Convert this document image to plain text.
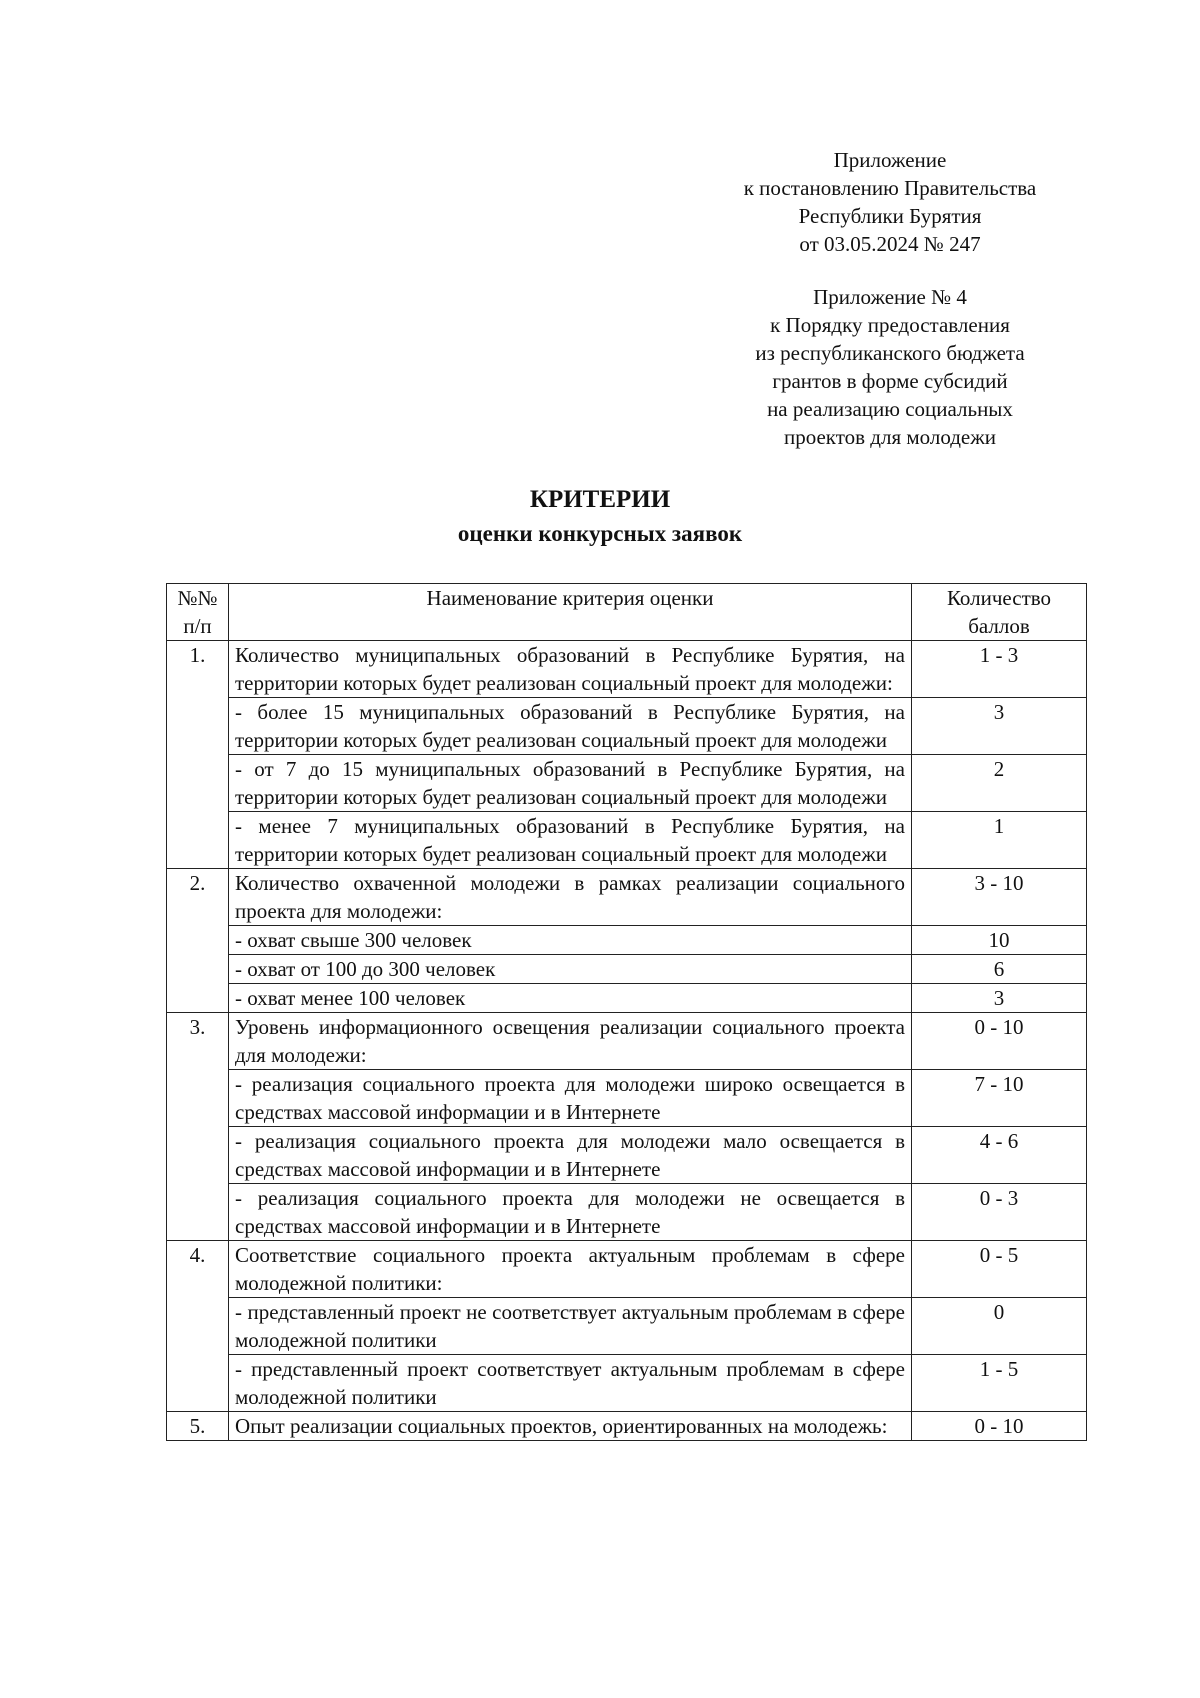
Приложение
к постановлению Правительства
Республики Бурятия
от 03.05.2024 № 247
Приложение № 4
к Порядку предоставления
из республиканского бюджета
грантов в форме субсидий
на реализацию социальных
проектов для молодежи
КРИТЕРИИ
оценки конкурсных заявок
№№ п/п	Наименование критерия оценки	Количество баллов
1.	Количество муниципальных образований в Республике Бурятия, на территории которых будет реализован социальный проект для молодежи:	1 - 3
	- более 15 муниципальных образований в Республике Бурятия, на территории которых будет реализован социальный проект для молодежи	3
	- от 7 до 15 муниципальных образований в Республике Бурятия, на территории которых будет реализован социальный проект для молодежи	2
	- менее 7 муниципальных образований в Республике Бурятия, на территории которых будет реализован социальный проект для молодежи	1
2.	Количество охваченной молодежи в рамках реализации социального проекта для молодежи:	3 - 10
	- охват свыше 300 человек	10
	- охват от 100 до 300 человек	6
	- охват менее 100 человек	3
3.	Уровень информационного освещения реализации социального проекта для молодежи:	0 - 10
	- реализация социального проекта для молодежи широко освещается в средствах массовой информации и в Интернете	7 - 10
	- реализация социального проекта для молодежи мало освещается в средствах массовой информации и в Интернете	4 - 6
	- реализация социального проекта для молодежи не освещается в средствах массовой информации и в Интернете	0 - 3
4.	Соответствие социального проекта актуальным проблемам в сфере молодежной политики:	0 - 5
	- представленный проект не соответствует актуальным проблемам в сфере молодежной политики	0
	- представленный проект соответствует актуальным проблемам в сфере молодежной политики	1 - 5
5.	Опыт реализации социальных проектов, ориентированных на молодежь:	0 - 10
